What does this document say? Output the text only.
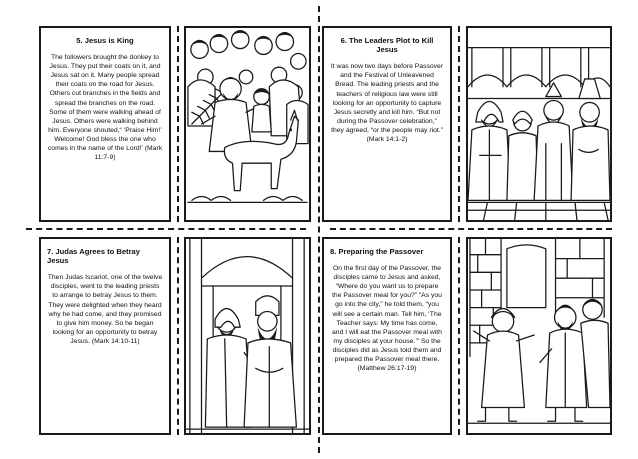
5. Jesus is King

The followers brought the donkey to Jesus. They put their coats on it, and Jesus sat on it. Many people spread their coats on the road for Jesus. Others cut branches in the fields and spread the branches on the road. Some of them were walking ahead of Jesus. Others were walking behind him. Everyone shouted,“ ‘Praise Him!’ Welcome! God bless the one who comes in the name of the Lord!’ (Mark 11:7-9)

6. The Leaders Plot to Kill Jesus

It was now two days before Passover and the Festival of Unleavened Bread. The leading priests and the teachers of religious law were still looking for an opportunity to capture Jesus secretly and kill him. “But not during the Passover celebration,” they agreed, “or the people may riot.” (Mark 14:1-2)

7. Judas Agrees to Betray Jesus

Then Judas Iscariot, one of the twelve disciples, went to the leading priests to arrange to betray Jesus to them. They were delighted when they heard why he had come, and they promised to give him money. So he began looking for an opportunity to betray Jesus. (Mark 14:10-11)

8. Preparing the Passover

On the first day of the Passover, the disciples came to Jesus and asked, “Where do you want us to prepare the Passover meal for you?” “As you go into the city,” he told them, “you will see a certain man. Tell him, ‘The Teacher says: My time has come, and I will eat the Passover meal with my disciples at your house.’” So the disciples did as Jesus told them and prepared the Passover meal there. (Matthew 26:17-19)
